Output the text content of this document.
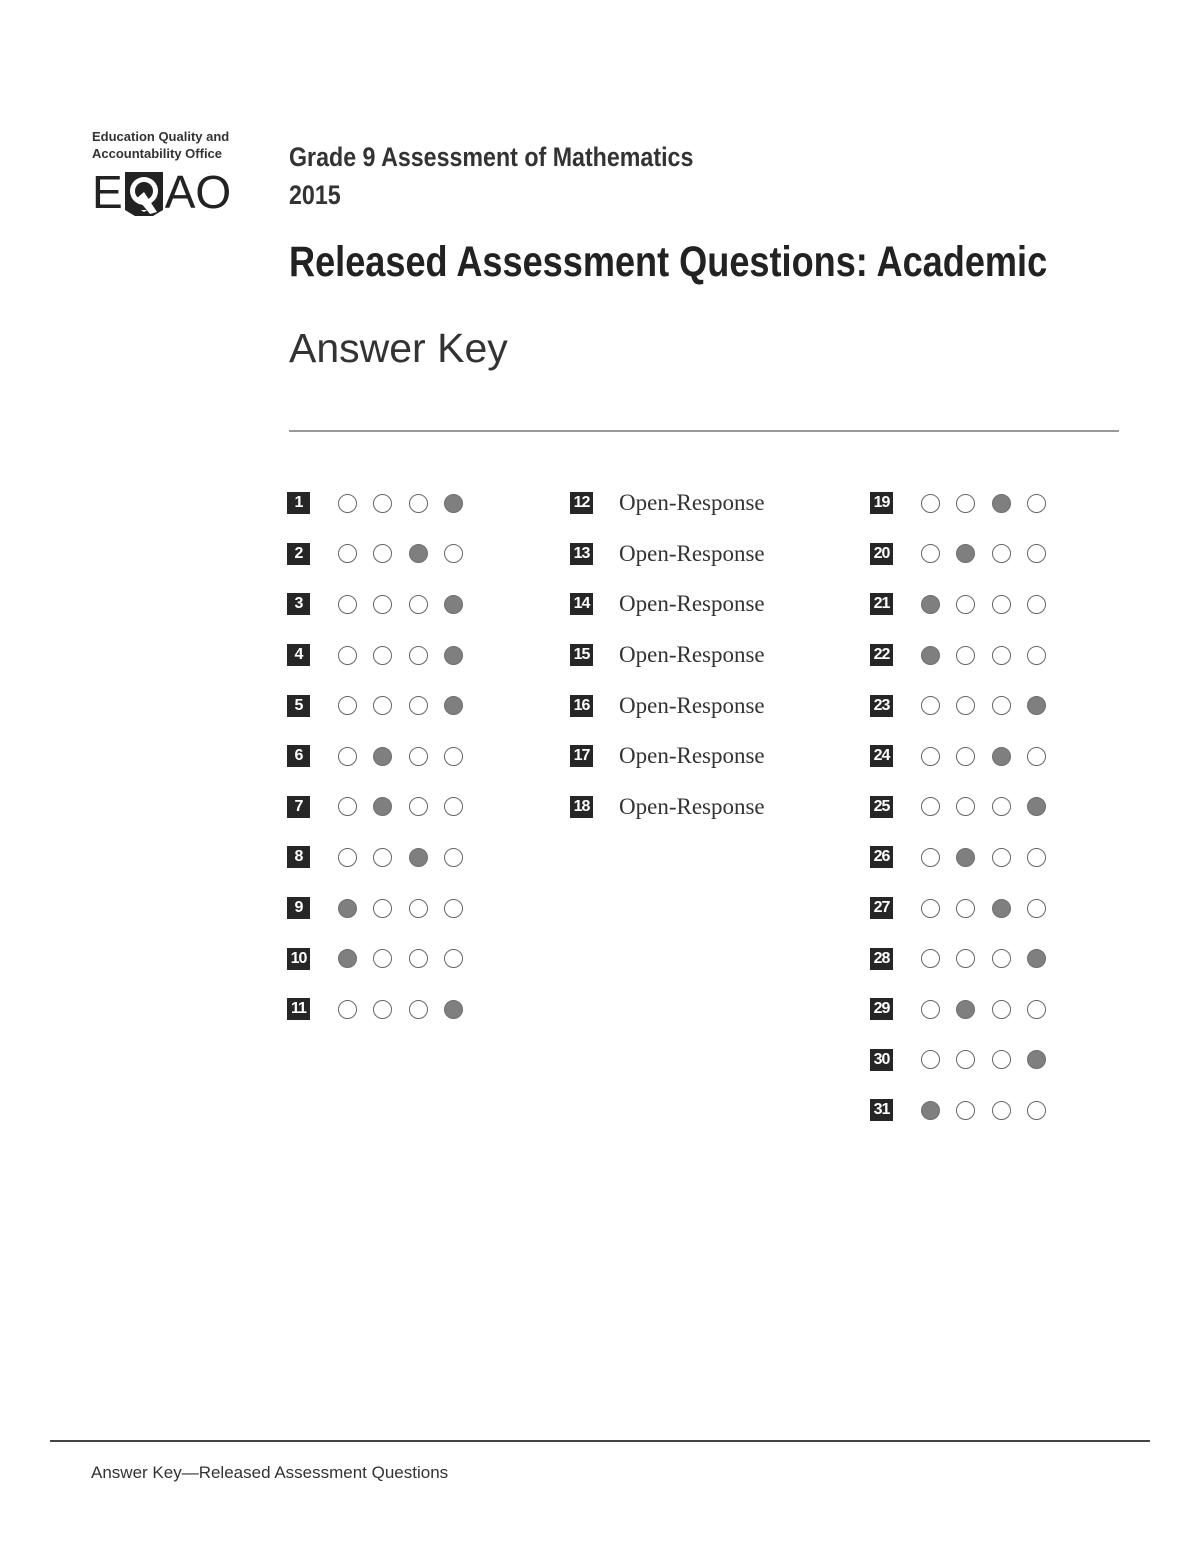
Education Quality and
Accountability Office
E AO
Grade 9 Assessment of Mathematics
2015
Released Assessment Questions: Academic
Answer Key
1
2
3
4
5
6
7
8
9
10
11
12 Open-Response
13 Open-Response
14 Open-Response
15 Open-Response
16 Open-Response
17 Open-Response
18 Open-Response
19
20
21
22
23
24
25
26
27
28
29
30
31
Answer Key—Released Assessment Questions
